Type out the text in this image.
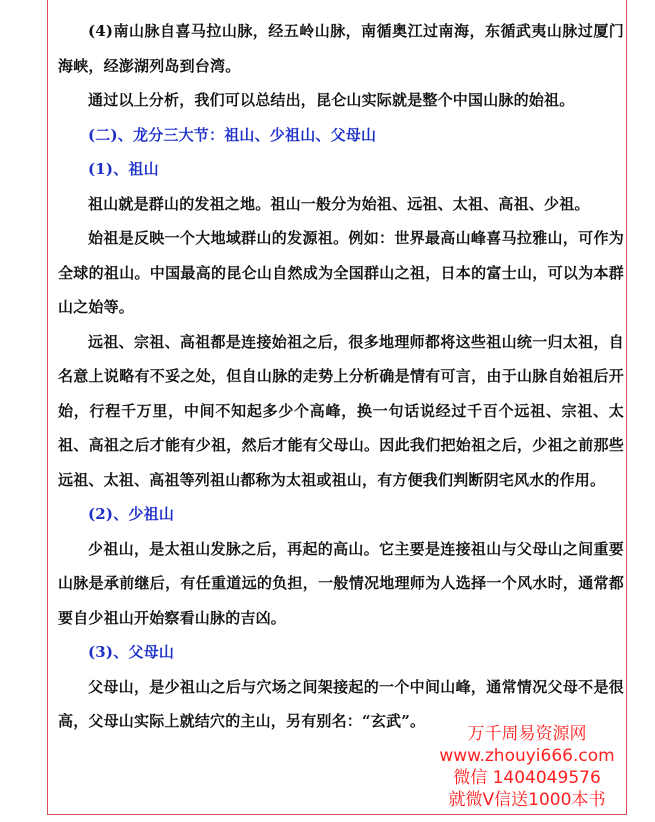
(4)南山脉自喜马拉山脉，经五岭山脉，南循奥江过南海，东循武夷山脉过厦门海峡，经澎湖列岛到台湾。

通过以上分析，我们可以总结出，昆仑山实际就是整个中国山脉的始祖。

(二)、龙分三大节：祖山、少祖山、父母山

(1)、祖山

祖山就是群山的发祖之地。祖山一般分为始祖、远祖、太祖、高祖、少祖。

始祖是反映一个大地域群山的发源祖。例如：世界最高山峰喜马拉雅山，可作为全球的祖山。中国最高的昆仑山自然成为全国群山之祖，日本的富士山，可以为本群山之始等。

远祖、宗祖、高祖都是连接始祖之后，很多地理师都将这些祖山统一归太祖，自名意上说略有不妥之处，但自山脉的走势上分析确是情有可言，由于山脉自始祖后开始，行程千万里，中间不知起多少个高峰，换一句话说经过千百个远祖、宗祖、太祖、高祖之后才能有少祖，然后才能有父母山。因此我们把始祖之后，少祖之前那些远祖、太祖、高祖等列祖山都称为太祖或祖山，有方便我们判断阴宅风水的作用。

(2)、少祖山

少祖山，是太祖山发脉之后，再起的高山。它主要是连接祖山与父母山之间重要山脉是承前继后，有任重道远的负担，一般情况地理师为人选择一个风水时，通常都要自少祖山开始察看山脉的吉凶。

(3)、父母山

父母山，是少祖山之后与穴场之间架接起的一个中间山峰，通常情况父母不是很高，父母山实际上就结穴的主山，另有别名：“玄武”。

万千周易资源网
www.zhouyi666.com
微信 1404049576
就微V信送1000本书
